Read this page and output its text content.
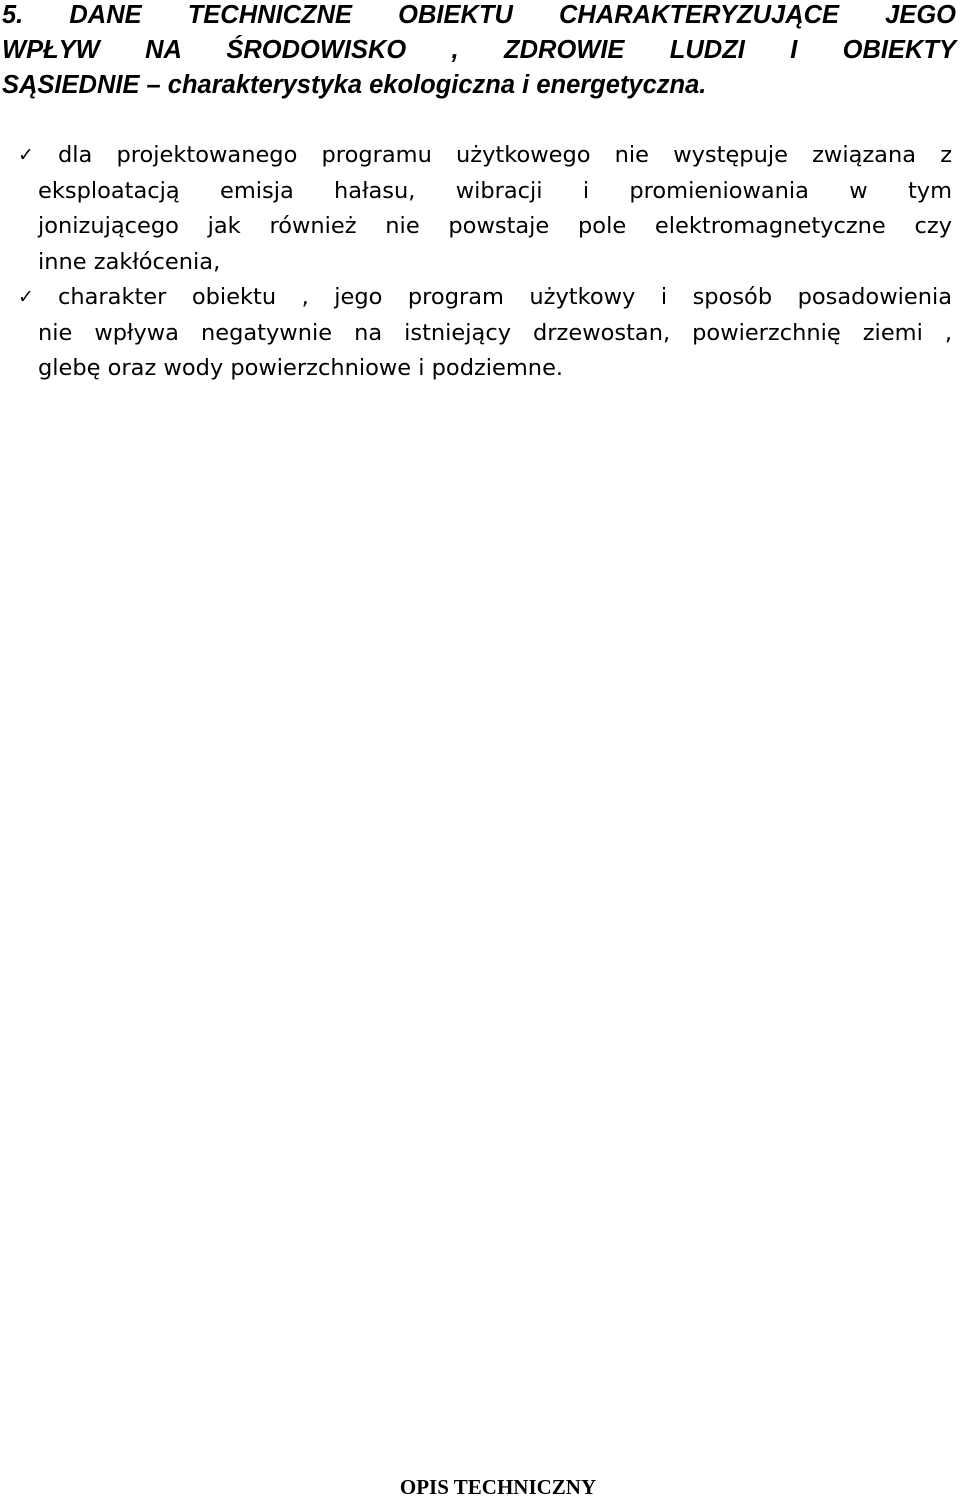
5. DANE TECHNICZNE OBIEKTU CHARAKTERYZUJĄCE JEGO
WPŁYW NA ŚRODOWISKO , ZDROWIE LUDZI I OBIEKTY
SĄSIEDNIE – charakterystyka ekologiczna i energetyczna.
✓	dla projektowanego programu użytkowego nie występuje związana z
eksploatacją emisja hałasu, wibracji i promieniowania w tym
jonizującego jak również nie powstaje pole elektromagnetyczne czy
inne zakłócenia,
✓	charakter obiektu , jego program użytkowy i sposób posadowienia
nie wpływa negatywnie na istniejący drzewostan, powierzchnię ziemi ,
glebę oraz wody powierzchniowe i podziemne.

OPIS TECHNICZNY
